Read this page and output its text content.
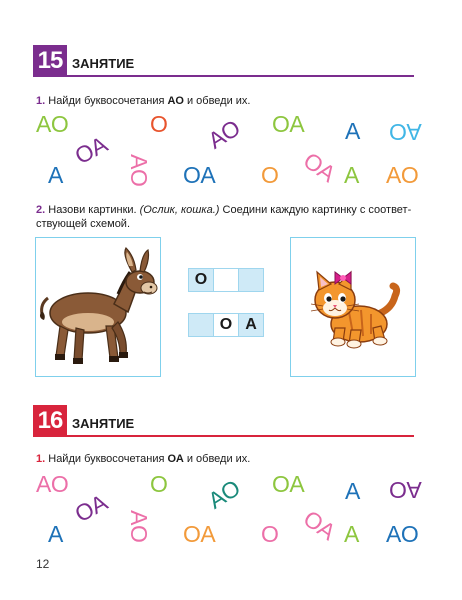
15 ЗАНЯТИЕ
1. Найди буквосочетания АО и обведи их.
АО
ОА
О АО ОА А АО
А	АО ОА О ОА А АО
2. Назови картинки. (Ослик, кошка.) Соедини каждую картинку с соответ-
ствующей схемой.
О
О А
16 ЗАНЯТИЕ
1. Найди буквосочетания ОА и обведи их.
АО
ОА
О АО ОА А АО
А	АО ОА О ОА А АО
12
